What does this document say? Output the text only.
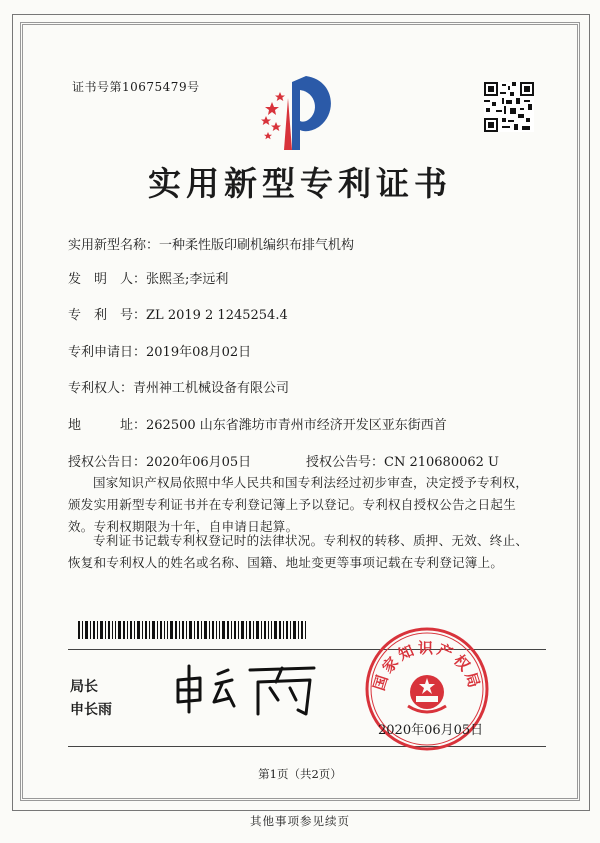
证书号第10675479号
实用新型专利证书
实用新型名称：一种柔性版印刷机编织布排气机构
发　明　人：张熙圣;李远利
专　利　号：ZL 2019 2 1245254.4
专利申请日：2019年08月02日
专利权人：青州神工机械设备有限公司
地　　　址：262500 山东省潍坊市青州市经济开发区亚东街西首
授权公告日：2020年06月05日	授权公告号：CN 210680062 U
国家知识产权局依照中华人民共和国专利法经过初步审查，决定授予专利权，颁发实用新型专利证书并在专利登记簿上予以登记。专利权自授权公告之日起生效。专利权期限为十年，自申请日起算。
专利证书记载专利权登记时的法律状况。专利权的转移、质押、无效、终止、恢复和专利权人的姓名或名称、国籍、地址变更等事项记载在专利登记簿上。
局长
申长雨
国家知识产权局
2020年06月05日
第1页（共2页）
其他事项参见续页
